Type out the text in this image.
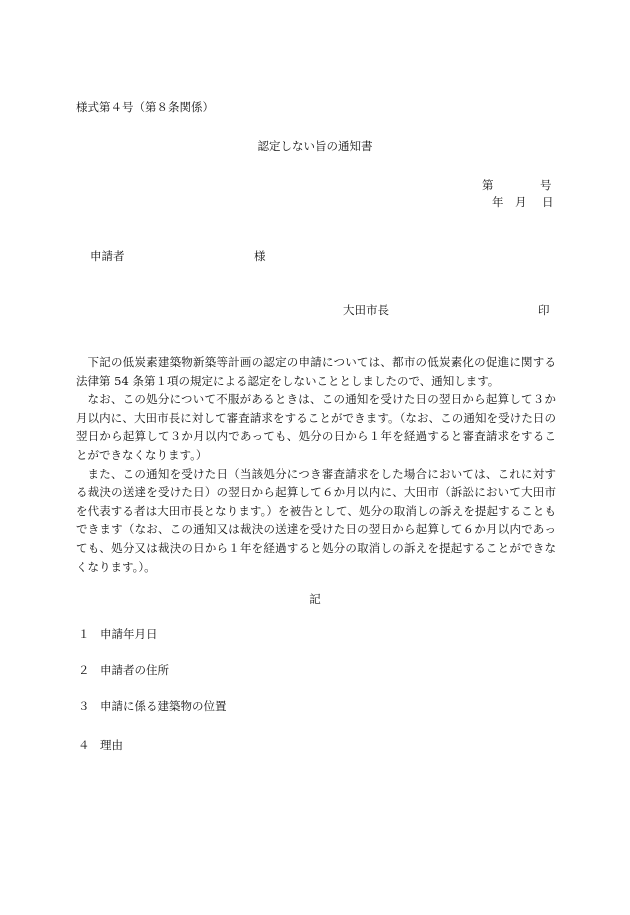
様式第４号（第８条関係）
認定しない旨の通知書
第	号
年 月 日
申請者	様
大田市長	印

下記の低炭素建築物新築等計画の認定の申請については、都市の低炭素化の促進に関する法律第 54 条第１項の規定による認定をしないこととしましたので、通知します。

なお、この処分について不服があるときは、この通知を受けた日の翌日から起算して３か月以内に、大田市長に対して審査請求をすることができます。（なお、この通知を受けた日の翌日から起算して３か月以内であっても、処分の日から１年を経過すると審査請求をすることができなくなります。）

また、この通知を受けた日（当該処分につき審査請求をした場合においては、これに対する裁決の送達を受けた日）の翌日から起算して６か月以内に、大田市（訴訟において大田市を代表する者は大田市長となります。）を被告として、処分の取消しの訴えを提起することもできます（なお、この通知又は裁決の送達を受けた日の翌日から起算して６か月以内であっても、処分又は裁決の日から１年を経過すると処分の取消しの訴えを提起することができなくなります。）。

記
１ 申請年月日
２ 申請者の住所
３ 申請に係る建築物の位置
４ 理由
